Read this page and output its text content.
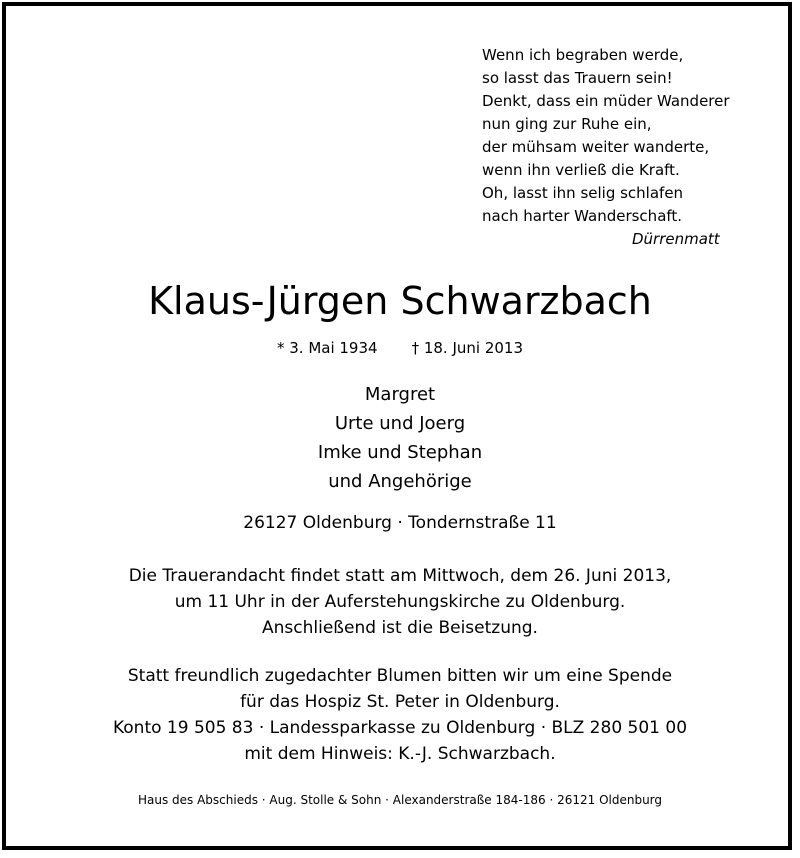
Wenn ich begraben werde,
so lasst das Trauern sein!
Denkt, dass ein müder Wanderer
nun ging zur Ruhe ein,
der mühsam weiter wanderte,
wenn ihn verließ die Kraft.
Oh, lasst ihn selig schlafen
nach harter Wanderschaft.
Dürrenmatt
Klaus-Jürgen Schwarzbach
* 3. Mai 1934 † 18. Juni 2013
Margret
Urte und Joerg
Imke und Stephan
und Angehörige
26127 Oldenburg · Tondernstraße 11
Die Trauerandacht findet statt am Mittwoch, dem 26. Juni 2013,
um 11 Uhr in der Auferstehungskirche zu Oldenburg.
Anschließend ist die Beisetzung.
Statt freundlich zugedachter Blumen bitten wir um eine Spende
für das Hospiz St. Peter in Oldenburg.
Konto 19 505 83 · Landessparkasse zu Oldenburg · BLZ 280 501 00
mit dem Hinweis: K.-J. Schwarzbach.
Haus des Abschieds · Aug. Stolle & Sohn · Alexanderstraße 184-186 · 26121 Oldenburg
